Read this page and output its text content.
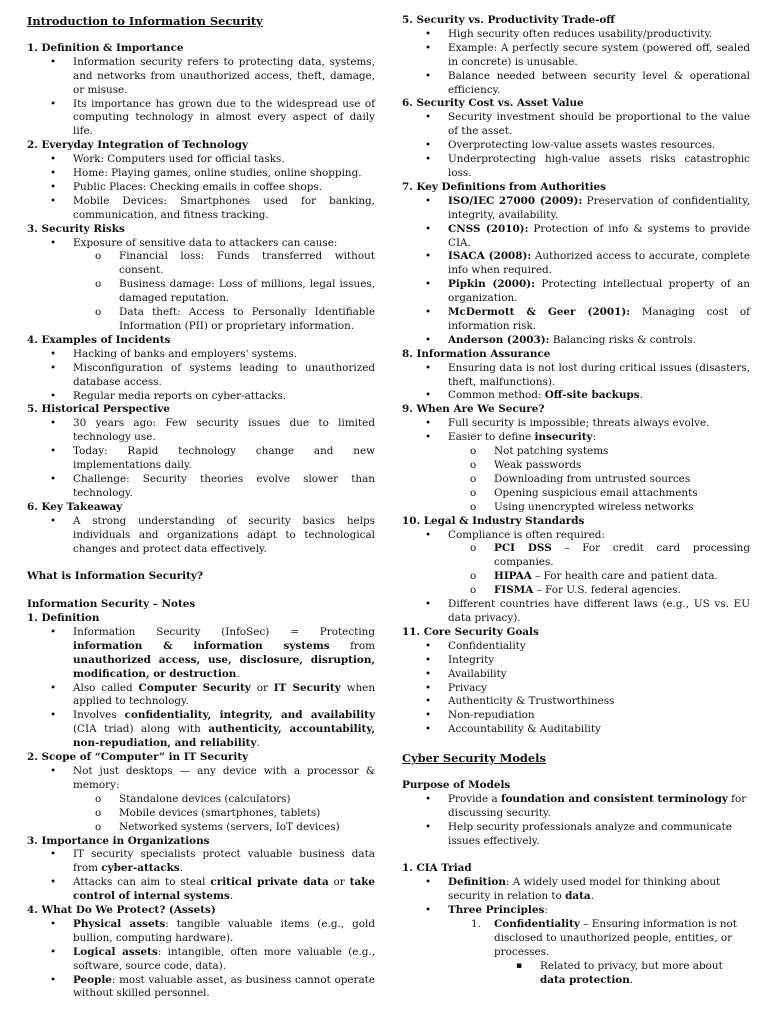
Introduction to Information Security

1. Definition & Importance

• Information security refers to protecting data, systems, and networks from unauthorized access, theft, damage, or misuse.
• Its importance has grown due to the widespread use of computing technology in almost every aspect of daily life.

2. Everyday Integration of Technology

• Work: Computers used for official tasks.
• Home: Playing games, online studies, online shopping.
• Public Places: Checking emails in coffee shops.
• Mobile Devices: Smartphones used for banking, communication, and fitness tracking.

3. Security Risks

• Exposure of sensitive data to attackers can cause:
o Financial loss: Funds transferred without consent.
o Business damage: Loss of millions, legal issues, damaged reputation.
o Data theft: Access to Personally Identifiable Information (PII) or proprietary information.

4. Examples of Incidents

• Hacking of banks and employers' systems.
• Misconfiguration of systems leading to unauthorized database access.
• Regular media reports on cyber-attacks.

5. Historical Perspective

• 30 years ago: Few security issues due to limited technology use.
• Today: Rapid technology change and new implementations daily.
• Challenge: Security theories evolve slower than technology.

6. Key Takeaway

• A strong understanding of security basics helps individuals and organizations adapt to technological changes and protect data effectively.

What is Information Security?

Information Security – Notes

1. Definition

• Information Security (InfoSec) = Protecting information & information systems from unauthorized access, use, disclosure, disruption, modification, or destruction.
• Also called Computer Security or IT Security when applied to technology.
• Involves confidentiality, integrity, and availability (CIA triad) along with authenticity, accountability, non-repudiation, and reliability.

2. Scope of “Computer” in IT Security

• Not just desktops — any device with a processor & memory:
o Standalone devices (calculators)
o Mobile devices (smartphones, tablets)
o Networked systems (servers, IoT devices)

3. Importance in Organizations

• IT security specialists protect valuable business data from cyber-attacks.
• Attacks can aim to steal critical private data or take control of internal systems.

4. What Do We Protect? (Assets)

• Physical assets: tangible valuable items (e.g., gold bullion, computing hardware).
• Logical assets: intangible, often more valuable (e.g., software, source code, data).
• People: most valuable asset, as business cannot operate without skilled personnel.

5. Security vs. Productivity Trade-off

• High security often reduces usability/productivity.
• Example: A perfectly secure system (powered off, sealed in concrete) is unusable.
• Balance needed between security level & operational efficiency.

6. Security Cost vs. Asset Value

• Security investment should be proportional to the value of the asset.
• Overprotecting low-value assets wastes resources.
• Underprotecting high-value assets risks catastrophic loss.

7. Key Definitions from Authorities

• ISO/IEC 27000 (2009): Preservation of confidentiality, integrity, availability.
• CNSS (2010): Protection of info & systems to provide CIA.
• ISACA (2008): Authorized access to accurate, complete info when required.
• Pipkin (2000): Protecting intellectual property of an organization.
• McDermott & Geer (2001): Managing cost of information risk.
• Anderson (2003): Balancing risks & controls.

8. Information Assurance

• Ensuring data is not lost during critical issues (disasters, theft, malfunctions).
• Common method: Off-site backups.

9. When Are We Secure?

• Full security is impossible; threats always evolve.
• Easier to define insecurity:
o Not patching systems
o Weak passwords
o Downloading from untrusted sources
o Opening suspicious email attachments
o Using unencrypted wireless networks

10. Legal & Industry Standards

• Compliance is often required:
o PCI DSS – For credit card processing companies.
o HIPAA – For health care and patient data.
o FISMA – For U.S. federal agencies.
• Different countries have different laws (e.g., US vs. EU data privacy).

11. Core Security Goals

• Confidentiality
• Integrity
• Availability
• Privacy
• Authenticity & Trustworthiness
• Non-repudiation
• Accountability & Auditability

Cyber Security Models

Purpose of Models

• Provide a foundation and consistent terminology for discussing security.
• Help security professionals analyze and communicate issues effectively.

1. CIA Triad

• Definition: A widely used model for thinking about security in relation to data.
• Three Principles:
1. Confidentiality – Ensuring information is not disclosed to unauthorized people, entities, or processes.
▪ Related to privacy, but more about data protection.
